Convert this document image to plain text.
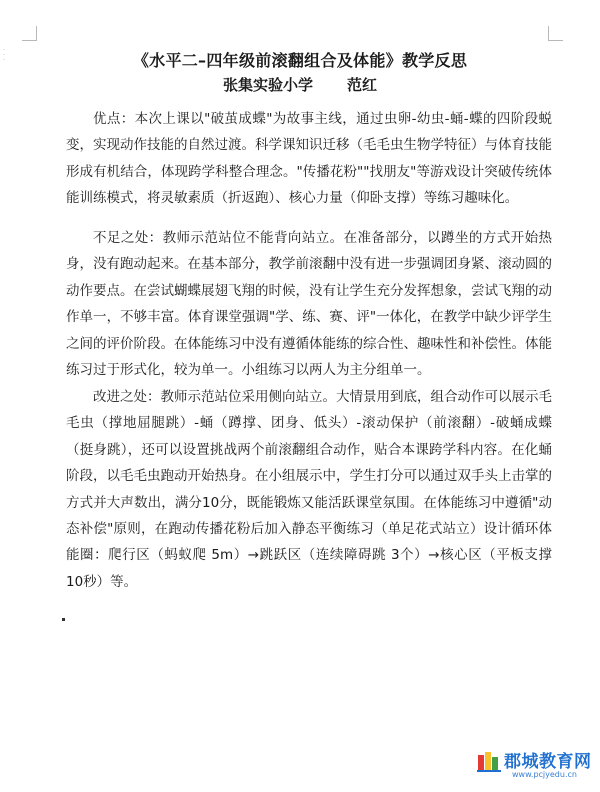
·
·
·	《水平二–四年级前滚翻组合及体能》教学反思

张集实验小学 范红

优点：本次上课以"破茧成蝶"为故事主线，通过虫卵-幼虫-蛹-蝶的四阶段蜕变，实现动作技能的自然过渡。科学课知识迁移（毛毛虫生物学特征）与体育技能形成有机结合，体现跨学科整合理念。"传播花粉""找朋友"等游戏设计突破传统体能训练模式，将灵敏素质（折返跑）、核心力量（仰卧支撑）等练习趣味化。

不足之处：教师示范站位不能背向站立。在准备部分，以蹲坐的方式开始热身，没有跑动起来。在基本部分，教学前滚翻中没有进一步强调团身紧、滚动圆的动作要点。在尝试蝴蝶展翅飞翔的时候，没有让学生充分发挥想象，尝试飞翔的动作单一，不够丰富。体育课堂强调"学、练、赛、评"一体化，在教学中缺少评学生之间的评价阶段。在体能练习中没有遵循体能练的综合性、趣味性和补偿性。体能练习过于形式化，较为单一。小组练习以两人为主分组单一。

改进之处：教师示范站位采用侧向站立。大情景用到底，组合动作可以展示毛毛虫（撑地屈腿跳）-蛹（蹲撑、团身、低头）-滚动保护（前滚翻）-破蛹成蝶（挺身跳），还可以设置挑战两个前滚翻组合动作，贴合本课跨学科内容。在化蛹阶段，以毛毛虫跑动开始热身。在小组展示中，学生打分可以通过双手头上击掌的方式并大声数出，满分10分，既能锻炼又能活跃课堂氛围。在体能练习中遵循"动态补偿"原则，在跑动传播花粉后加入静态平衡练习（单足花式站立）设计循环体能圈：爬行区（蚂蚁爬 5m）→跳跃区（连续障碍跳 3个）→核心区（平板支撑 10秒）等。

郡城教育网
www.pcjyedu.cn
